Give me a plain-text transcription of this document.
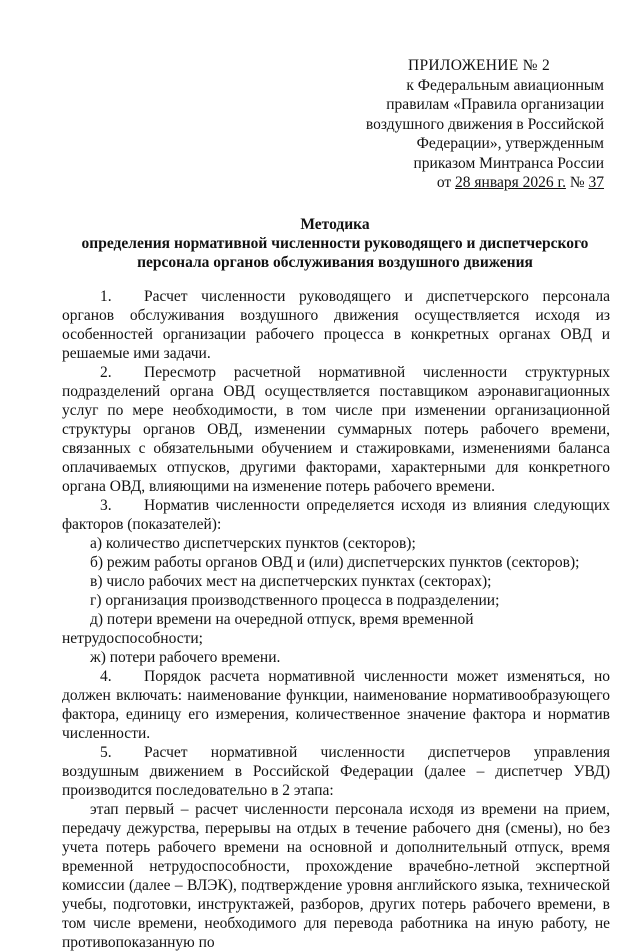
ПРИЛОЖЕНИЕ № 2
к Федеральным авиационным
правилам «Правила организации
воздушного движения в Российской
Федерации», утвержденным
приказом Минтранса России
от 28 января 2026 г. № 37
Методика
определения нормативной численности руководящего и диспетчерского
персонала органов обслуживания воздушного движения

1. Расчет численности руководящего и диспетчерского персонала органов обслуживания воздушного движения осуществляется исходя из особенностей организации рабочего процесса в конкретных органах ОВД и решаемые ими задачи.

2. Пересмотр расчетной нормативной численности структурных подразделений органа ОВД осуществляется поставщиком аэронавигационных услуг по мере необходимости, в том числе при изменении организационной структуры органов ОВД, изменении суммарных потерь рабочего времени, связанных с обязательными обучением и стажировками, изменениями баланса оплачиваемых отпусков, другими факторами, характерными для конкретного органа ОВД, влияющими на изменение потерь рабочего времени.

3. Норматив численности определяется исходя из влияния следующих факторов (показателей):

а) количество диспетчерских пунктов (секторов);

б) режим работы органов ОВД и (или) диспетчерских пунктов (секторов);

в) число рабочих мест на диспетчерских пунктах (секторах);

г) организация производственного процесса в подразделении;

д) потери времени на очередной отпуск, время временной нетрудоспособности;

ж) потери рабочего времени.

4. Порядок расчета нормативной численности может изменяться, но должен включать: наименование функции, наименование нормативообразующего фактора, единицу его измерения, количественное значение фактора и норматив численности.

5. Расчет нормативной численности диспетчеров управления воздушным движением в Российской Федерации (далее – диспетчер УВД) производится последовательно в 2 этапа:

этап первый – расчет численности персонала исходя из времени на прием, передачу дежурства, перерывы на отдых в течение рабочего дня (смены), но без учета потерь рабочего времени на основной и дополнительный отпуск, время временной нетрудоспособности, прохождение врачебно-летной экспертной комиссии (далее – ВЛЭК), подтверждение уровня английского языка, технической учебы, подготовки, инструктажей, разборов, других потерь рабочего времени, в том числе времени, необходимого для перевода работника на иную работу, не противопоказанную по
